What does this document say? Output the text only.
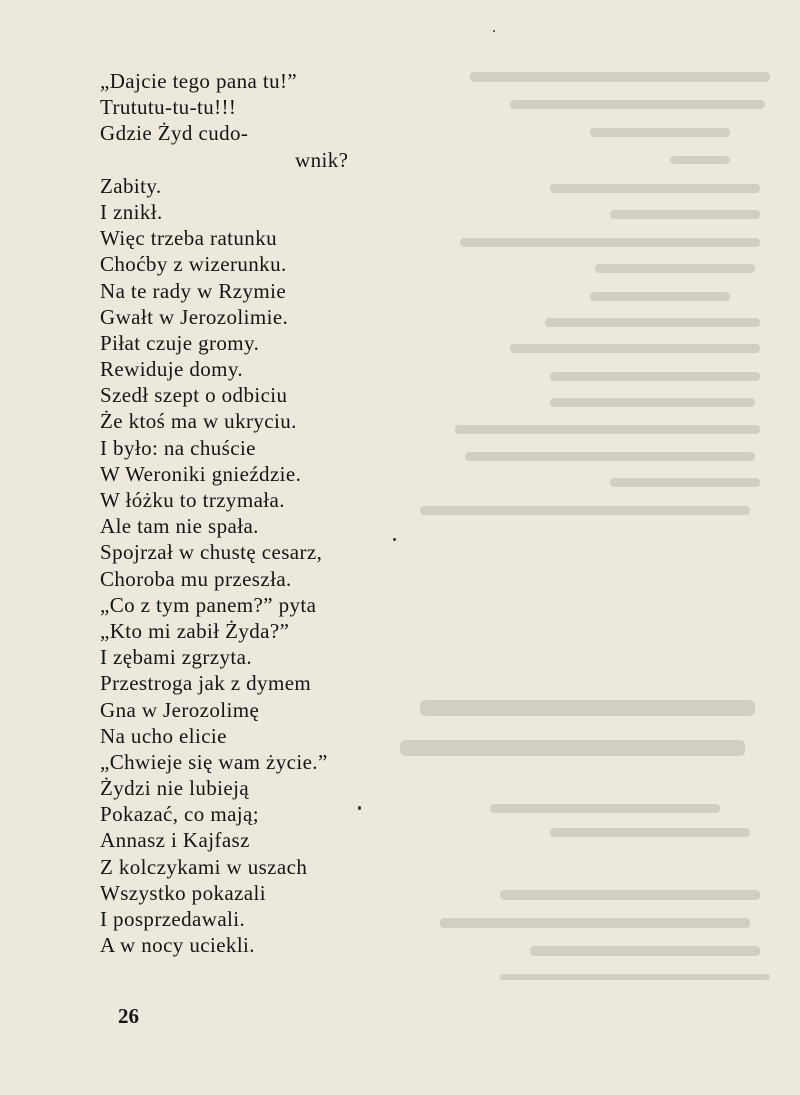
„Dajcie tego pana tu!”
Trututu-tu-tu!!!
Gdzie Żyd cudo-
wnik?
Zabity.
I znikł.
Więc trzeba ratunku
Choćby z wizerunku.
Na te rady w Rzymie
Gwałt w Jerozolimie.
Piłat czuje gromy.
Rewiduje domy.
Szedł szept o odbiciu
Że ktoś ma w ukryciu.
I było: na chuście
W Weroniki gnieździe.
W łóżku to trzymała.
Ale tam nie spała.
Spojrzał w chustę cesarz,
Choroba mu przeszła.
„Co z tym panem?” pyta
„Kto mi zabił Żyda?”
I zębami zgrzyta.
Przestroga jak z dymem
Gna w Jerozolimę
Na ucho elicie
„Chwieje się wam życie.”
Żydzi nie lubieją
Pokazać, co mają;
Annasz i Kajfasz
Z kolczykami w uszach
Wszystko pokazali
I posprzedawali.
A w nocy uciekli.
26
